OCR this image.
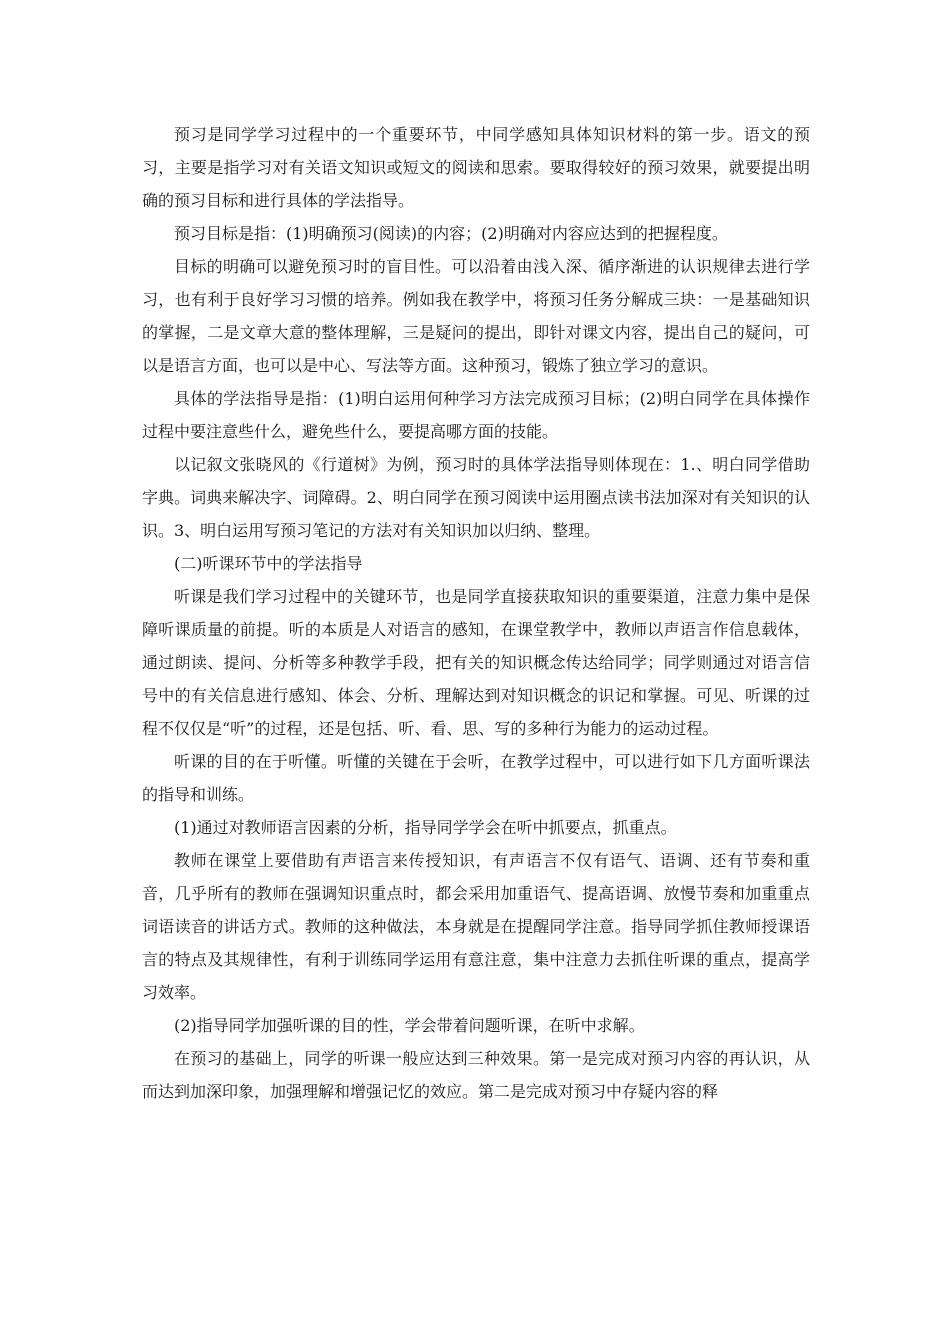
预习是同学学习过程中的一个重要环节，中同学感知具体知识材料的第一步。语文的预习，主要是指学习对有关语文知识或短文的阅读和思索。要取得较好的预习效果，就要提出明确的预习目标和进行具体的学法指导。

预习目标是指：(1)明确预习(阅读)的内容；(2)明确对内容应达到的把握程度。

目标的明确可以避免预习时的盲目性。可以沿着由浅入深、循序渐进的认识规律去进行学习，也有利于良好学习习惯的培养。例如我在教学中，将预习任务分解成三块：一是基础知识的掌握，二是文章大意的整体理解，三是疑问的提出，即针对课文内容，提出自己的疑问，可以是语言方面，也可以是中心、写法等方面。这种预习，锻炼了独立学习的意识。

具体的学法指导是指：(1)明白运用何种学习方法完成预习目标；(2)明白同学在具体操作过程中要注意些什么，避免些什么，要提高哪方面的技能。

以记叙文张晓风的《行道树》为例，预习时的具体学法指导则体现在：1.、明白同学借助字典。词典来解决字、词障碍。2、明白同学在预习阅读中运用圈点读书法加深对有关知识的认识。3、明白运用写预习笔记的方法对有关知识加以归纳、整理。

(二)听课环节中的学法指导

听课是我们学习过程中的关键环节，也是同学直接获取知识的重要渠道，注意力集中是保障听课质量的前提。听的本质是人对语言的感知，在课堂教学中，教师以声语言作信息载体，通过朗读、提问、分析等多种教学手段，把有关的知识概念传达给同学；同学则通过对语言信号中的有关信息进行感知、体会、分析、理解达到对知识概念的识记和掌握。可见、听课的过程不仅仅是“听”的过程，还是包括、听、看、思、写的多种行为能力的运动过程。

听课的目的在于听懂。听懂的关键在于会听，在教学过程中，可以进行如下几方面听课法的指导和训练。

(1)通过对教师语言因素的分析，指导同学学会在听中抓要点，抓重点。

教师在课堂上要借助有声语言来传授知识，有声语言不仅有语气、语调、还有节奏和重音，几乎所有的教师在强调知识重点时，都会采用加重语气、提高语调、放慢节奏和加重重点词语读音的讲话方式。教师的这种做法，本身就是在提醒同学注意。指导同学抓住教师授课语言的特点及其规律性，有利于训练同学运用有意注意，集中注意力去抓住听课的重点，提高学习效率。

(2)指导同学加强听课的目的性，学会带着问题听课，在听中求解。

在预习的基础上，同学的听课一般应达到三种效果。第一是完成对预习内容的再认识，从而达到加深印象，加强理解和增强记忆的效应。第二是完成对预习中存疑内容的释
